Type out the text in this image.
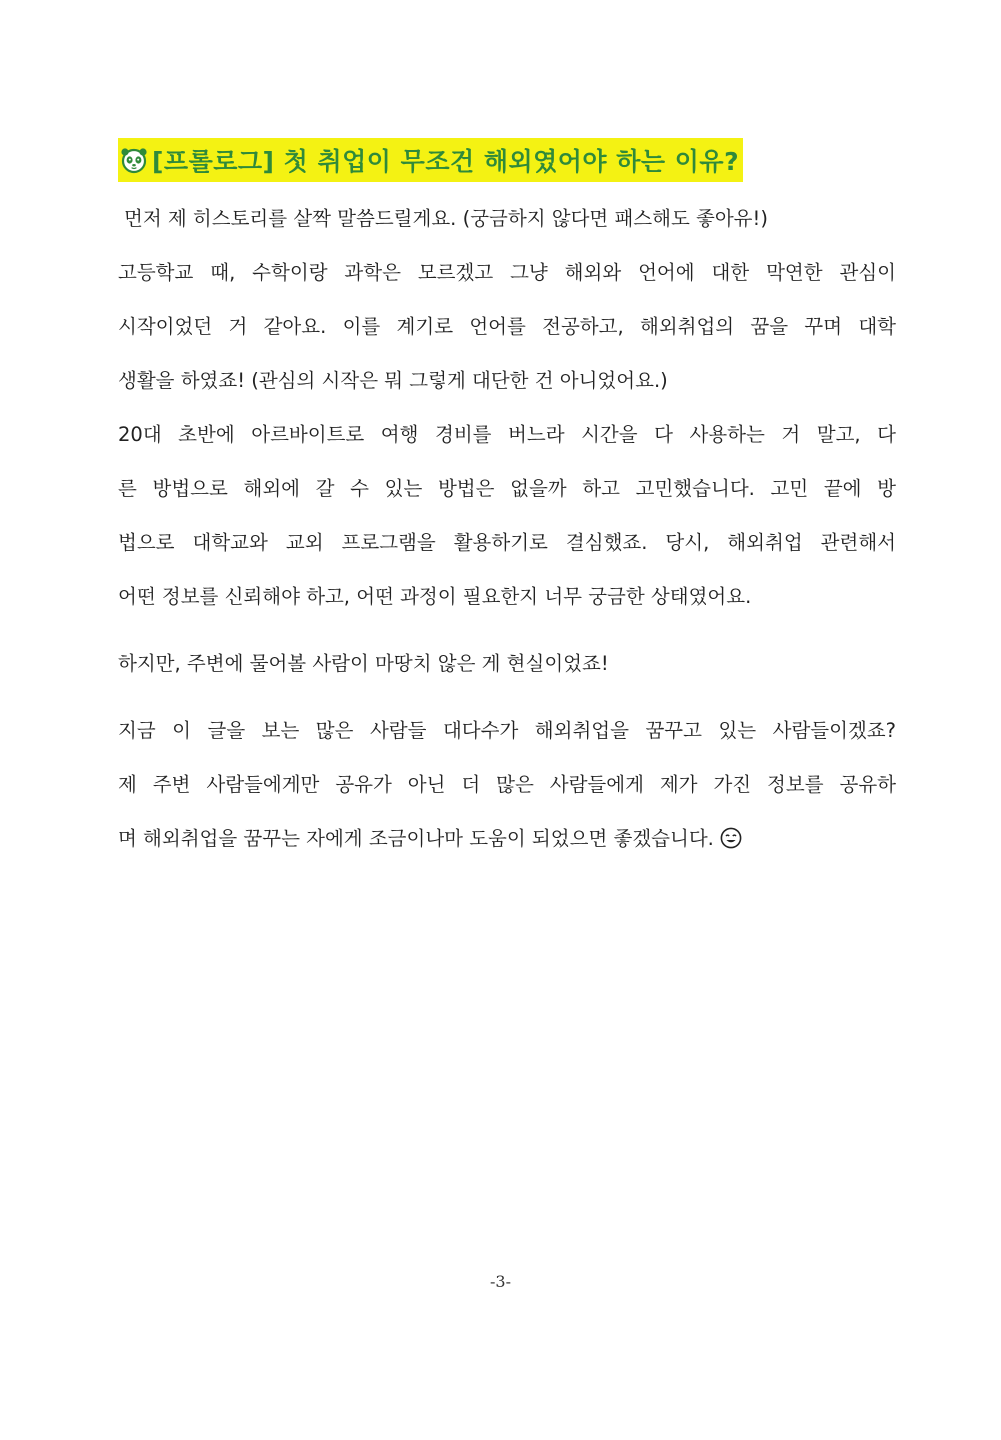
[프롤로그] 첫 취업이 무조건 해외였어야 하는 이유?
먼저 제 히스토리를 살짝 말씀드릴게요. (궁금하지 않다면 패스해도 좋아유!)
고등학교 때, 수학이랑 과학은 모르겠고 그냥 해외와 언어에 대한 막연한 관심이
시작이었던 거 같아요. 이를 계기로 언어를 전공하고, 해외취업의 꿈을 꾸며 대학
생활을 하였죠! (관심의 시작은 뭐 그렇게 대단한 건 아니었어요.)
20대 초반에 아르바이트로 여행 경비를 버느라 시간을 다 사용하는 거 말고, 다
른 방법으로 해외에 갈 수 있는 방법은 없을까 하고 고민했습니다. 고민 끝에 방
법으로 대학교와 교외 프로그램을 활용하기로 결심했죠. 당시, 해외취업 관련해서
어떤 정보를 신뢰해야 하고, 어떤 과정이 필요한지 너무 궁금한 상태였어요.
하지만, 주변에 물어볼 사람이 마땅치 않은 게 현실이었죠!
지금 이 글을 보는 많은 사람들 대다수가 해외취업을 꿈꾸고 있는 사람들이겠죠?
제 주변 사람들에게만 공유가 아닌 더 많은 사람들에게 제가 가진 정보를 공유하
며 해외취업을 꿈꾸는 자에게 조금이나마 도움이 되었으면 좋겠습니다.
-3-
